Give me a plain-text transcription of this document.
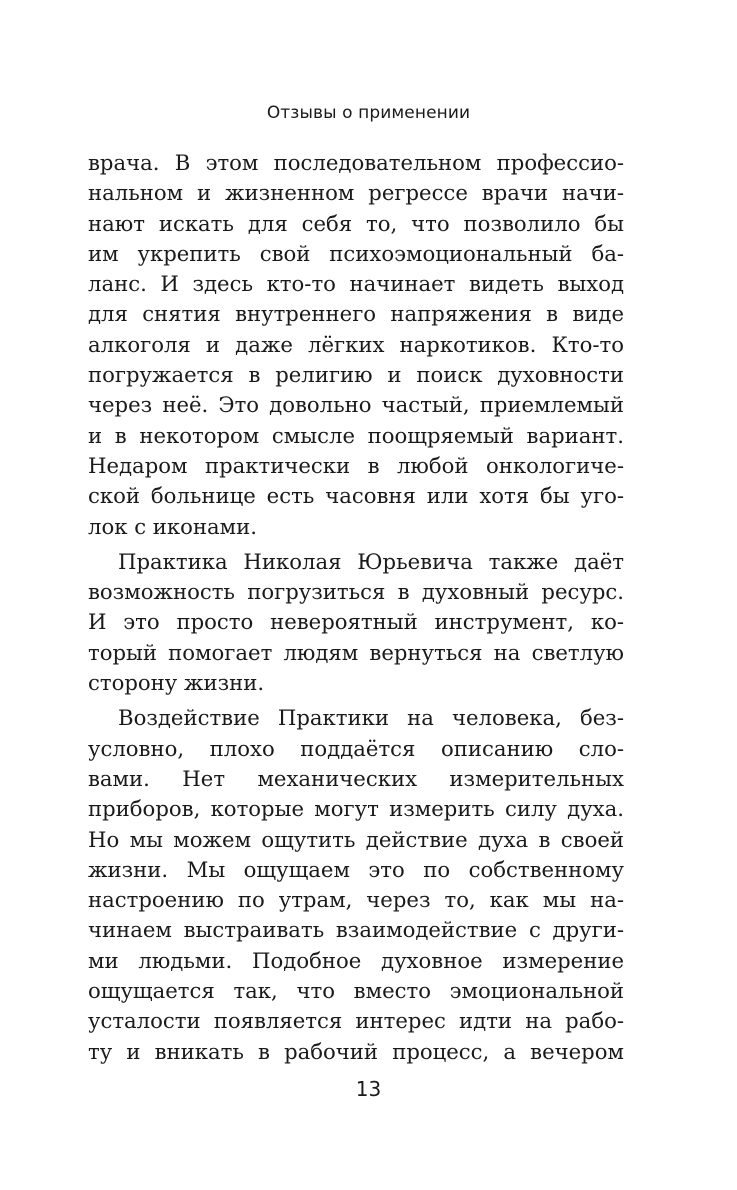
Отзывы о применении
врача. В этом последовательном профессио-
нальном и жизненном регрессе врачи начи-
нают искать для себя то, что позволило бы
им укрепить свой психоэмоциональный ба-
ланс. И здесь кто-то начинает видеть выход
для снятия внутреннего напряжения в виде
алкоголя и даже лёгких наркотиков. Кто-то
погружается в религию и поиск духовности
через неё. Это довольно частый, приемлемый
и в некотором смысле поощряемый вариант.
Недаром практически в любой онкологиче-
ской больнице есть часовня или хотя бы уго-
лок с иконами.
Практика Николая Юрьевича также даёт
возможность погрузиться в духовный ресурс.
И это просто невероятный инструмент, ко-
торый помогает людям вернуться на светлую
сторону жизни.
Воздействие Практики на человека, без-
условно, плохо поддаётся описанию сло-
вами. Нет механических измерительных
приборов, которые могут измерить силу духа.
Но мы можем ощутить действие духа в своей
жизни. Мы ощущаем это по собственному
настроению по утрам, через то, как мы на-
чинаем выстраивать взаимодействие с други-
ми людьми. Подобное духовное измерение
ощущается так, что вместо эмоциональной
усталости появляется интерес идти на рабо-
ту и вникать в рабочий процесс, а вечером
13
